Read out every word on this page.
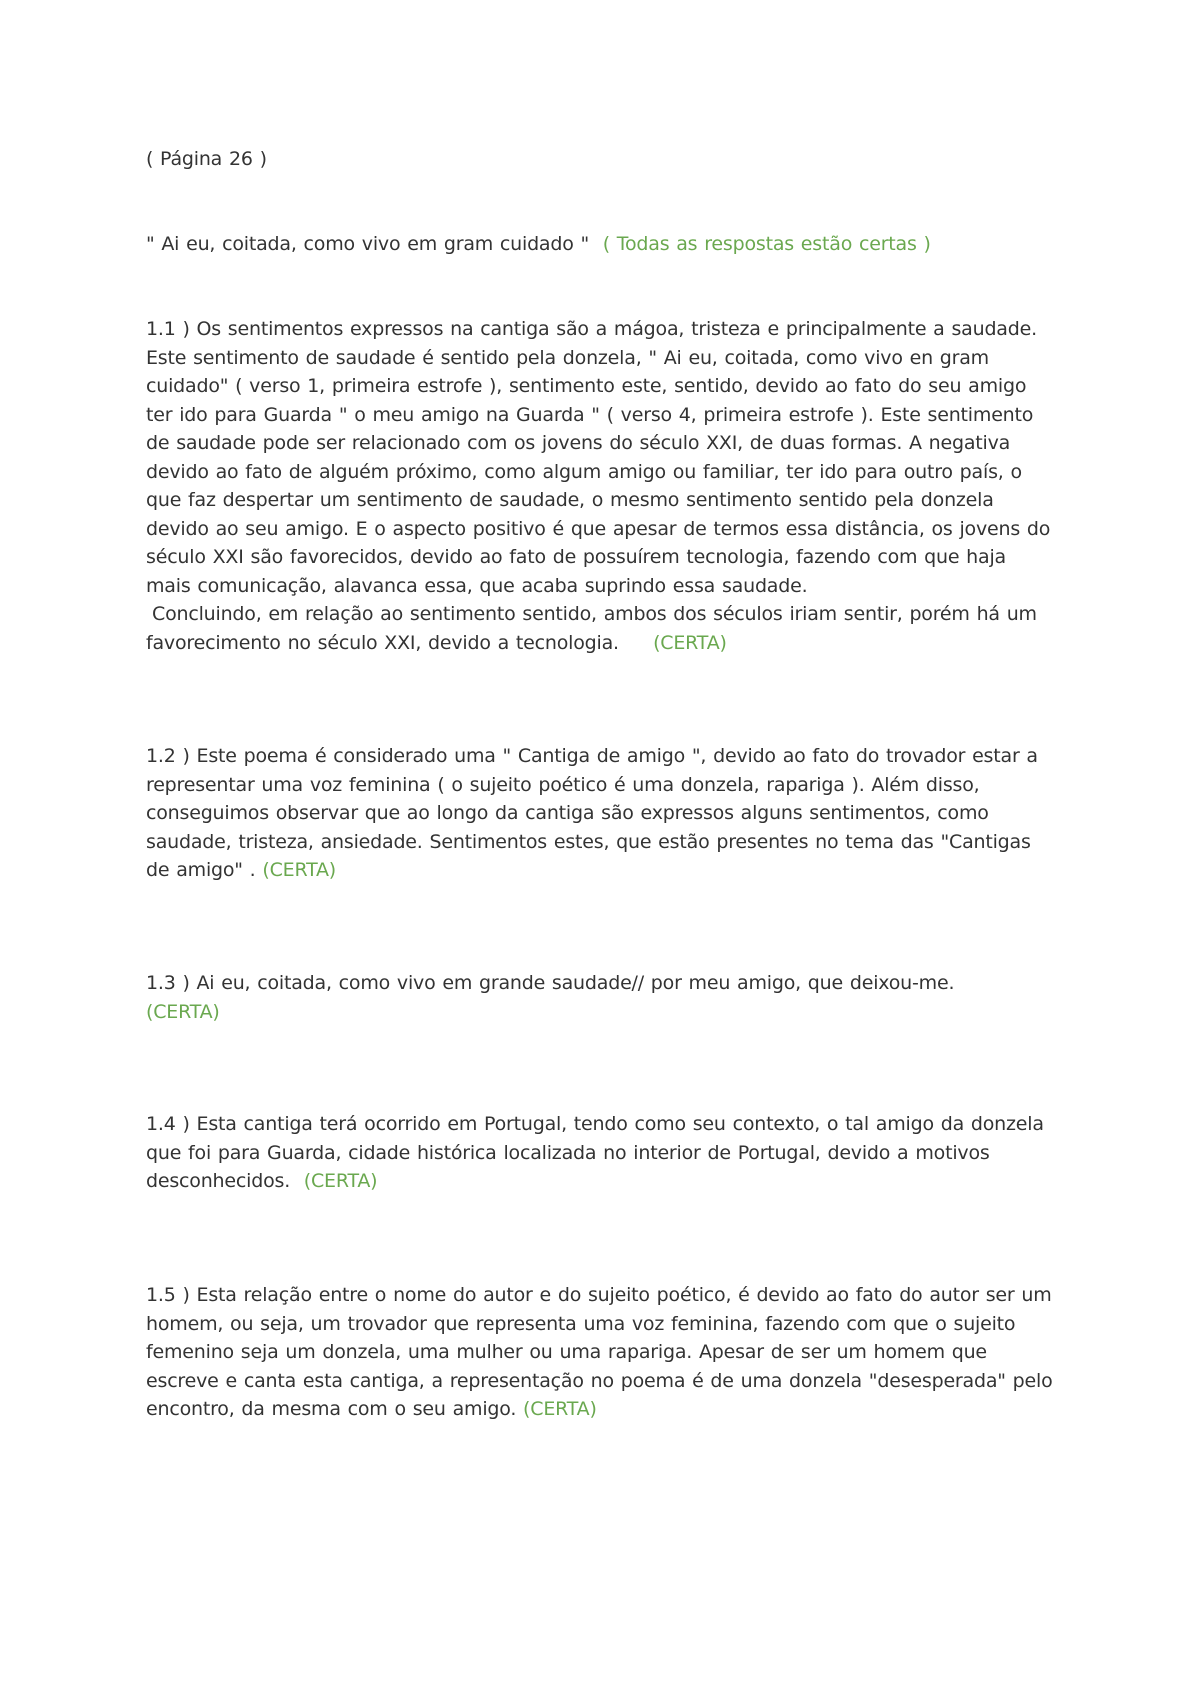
( Página 26 )

" Ai eu, coitada, como vivo em gram cuidado " ( Todas as respostas estão certas )

1.1 ) Os sentimentos expressos na cantiga são a mágoa, tristeza e principalmente a saudade. Este sentimento de saudade é sentido pela donzela, " Ai eu, coitada, como vivo en gram cuidado" ( verso 1, primeira estrofe ), sentimento este, sentido, devido ao fato do seu amigo ter ido para Guarda " o meu amigo na Guarda " ( verso 4, primeira estrofe ). Este sentimento de saudade pode ser relacionado com os jovens do século XXI, de duas formas. A negativa devido ao fato de alguém próximo, como algum amigo ou familiar, ter ido para outro país, o que faz despertar um sentimento de saudade, o mesmo sentimento sentido pela donzela devido ao seu amigo. E o aspecto positivo é que apesar de termos essa distância, os jovens do século XXI são favorecidos, devido ao fato de possuírem tecnologia, fazendo com que haja mais comunicação, alavanca essa, que acaba suprindo essa saudade.
Concluindo, em relação ao sentimento sentido, ambos dos séculos iriam sentir, porém há um favorecimento no século XXI, devido a tecnologia. (CERTA)
1.2 ) Este poema é considerado uma " Cantiga de amigo ", devido ao fato do trovador estar a representar uma voz feminina ( o sujeito poético é uma donzela, rapariga ). Além disso, conseguimos observar que ao longo da cantiga são expressos alguns sentimentos, como saudade, tristeza, ansiedade. Sentimentos estes, que estão presentes no tema das "Cantigas de amigo" . (CERTA)
1.3 ) Ai eu, coitada, como vivo em grande saudade// por meu amigo, que deixou-me.
(CERTA)
1.4 ) Esta cantiga terá ocorrido em Portugal, tendo como seu contexto, o tal amigo da donzela que foi para Guarda, cidade histórica localizada no interior de Portugal, devido a motivos desconhecidos. (CERTA)
1.5 ) Esta relação entre o nome do autor e do sujeito poético, é devido ao fato do autor ser um homem, ou seja, um trovador que representa uma voz feminina, fazendo com que o sujeito femenino seja um donzela, uma mulher ou uma rapariga. Apesar de ser um homem que escreve e canta esta cantiga, a representação no poema é de uma donzela "desesperada" pelo encontro, da mesma com o seu amigo. (CERTA)
